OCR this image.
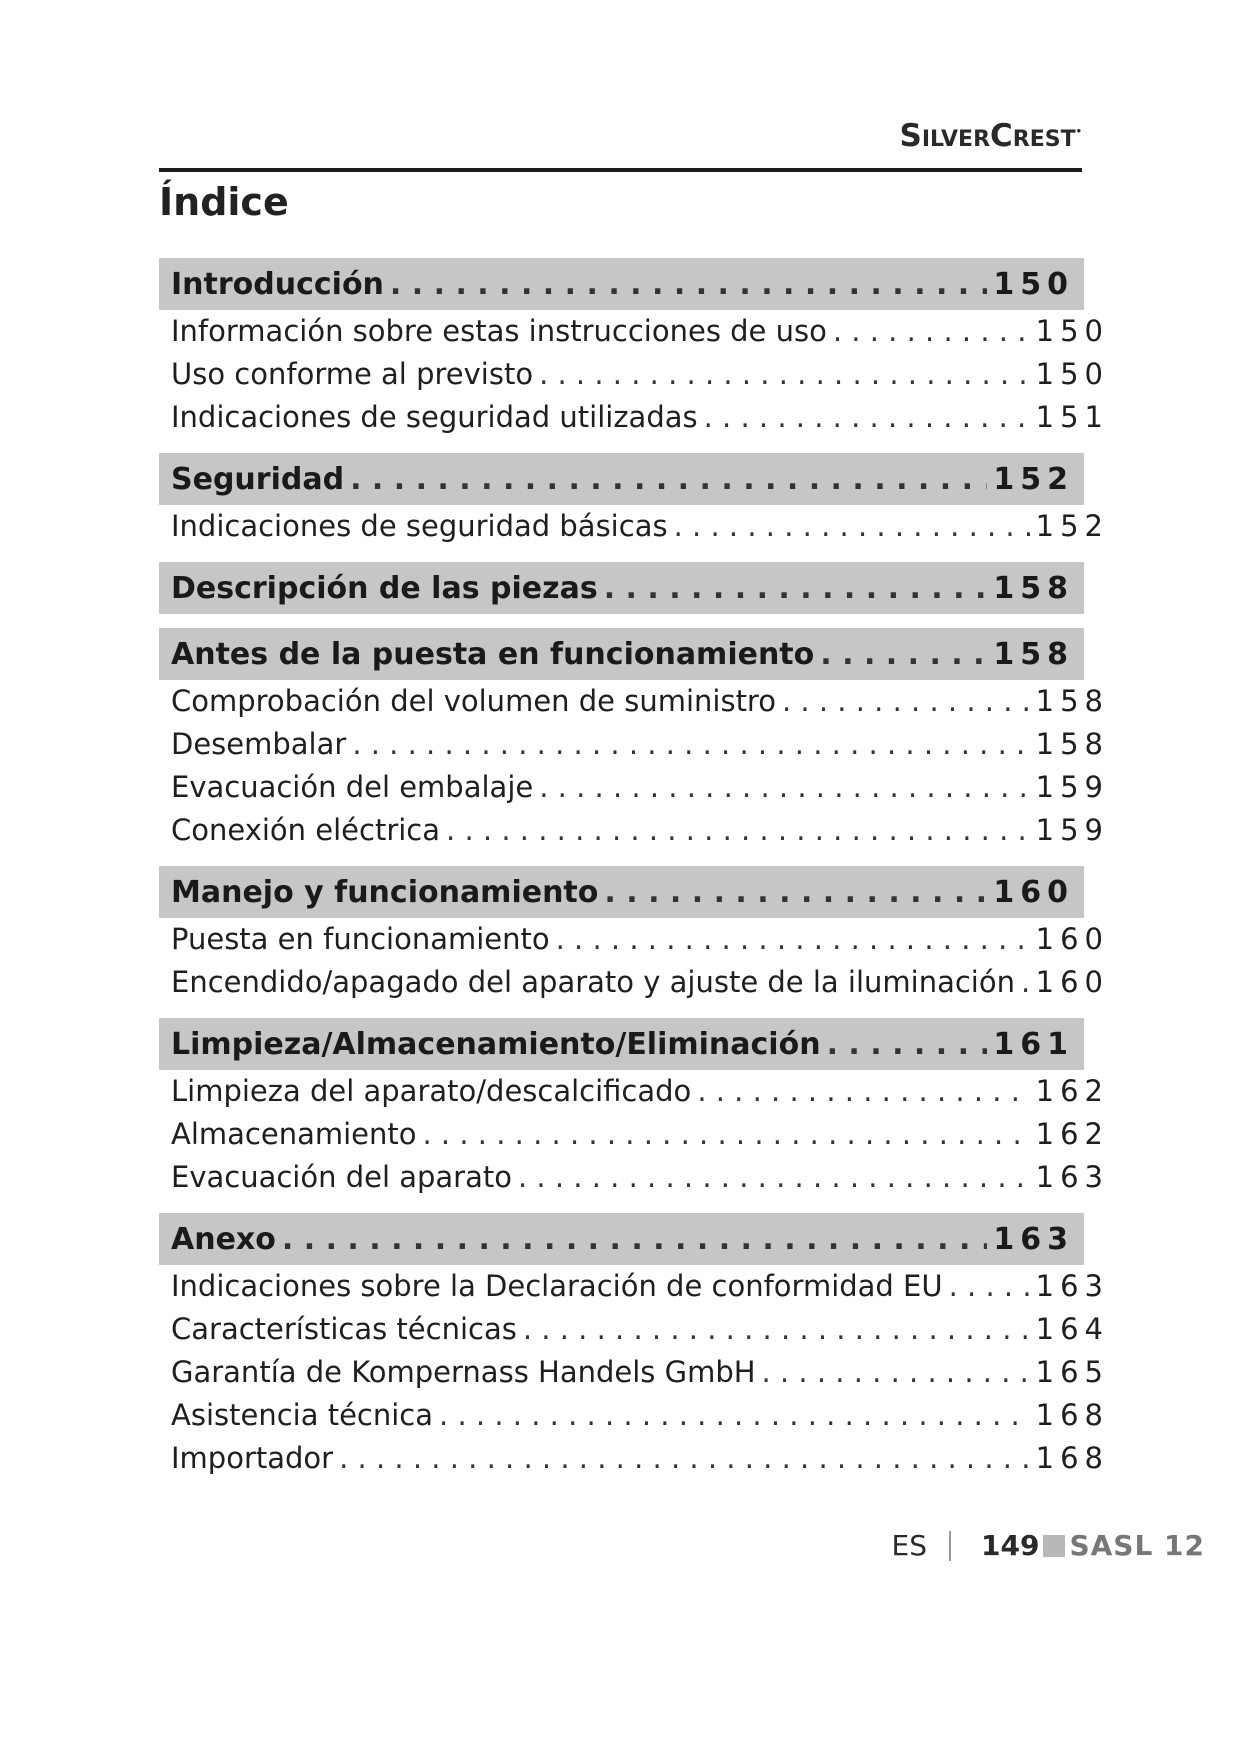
SilverCrest•
Índice
Introducción . . .	150
Información sobre estas instrucciones de uso . . .	150
Uso conforme al previsto . . .	150
Indicaciones de seguridad utilizadas . . .	151
Seguridad . . .	152
Indicaciones de seguridad básicas . . .	152
Descripción de las piezas . . .	158
Antes de la puesta en funcionamiento . . .	158
Comprobación del volumen de suministro . . .	158
Desembalar . . .	158
Evacuación del embalaje . . .	159
Conexión eléctrica . . .	159
Manejo y funcionamiento . . .	160
Puesta en funcionamiento . . .	160
Encendido/apagado del aparato y ajuste de la iluminación . . . 160
Limpieza/Almacenamiento/Eliminación . . .	161
Limpieza del aparato/descalcificado . . .	162
Almacenamiento . . .	162
Evacuación del aparato . . .	163
Anexo . . .	163
Indicaciones sobre la Declaración de conformidad EU . . .	163
Características técnicas . . .	164
Garantía de Kompernass Handels GmbH . . .	165
Asistencia técnica . . .	168
Importador . . .	168
ES 149 SASL 12
